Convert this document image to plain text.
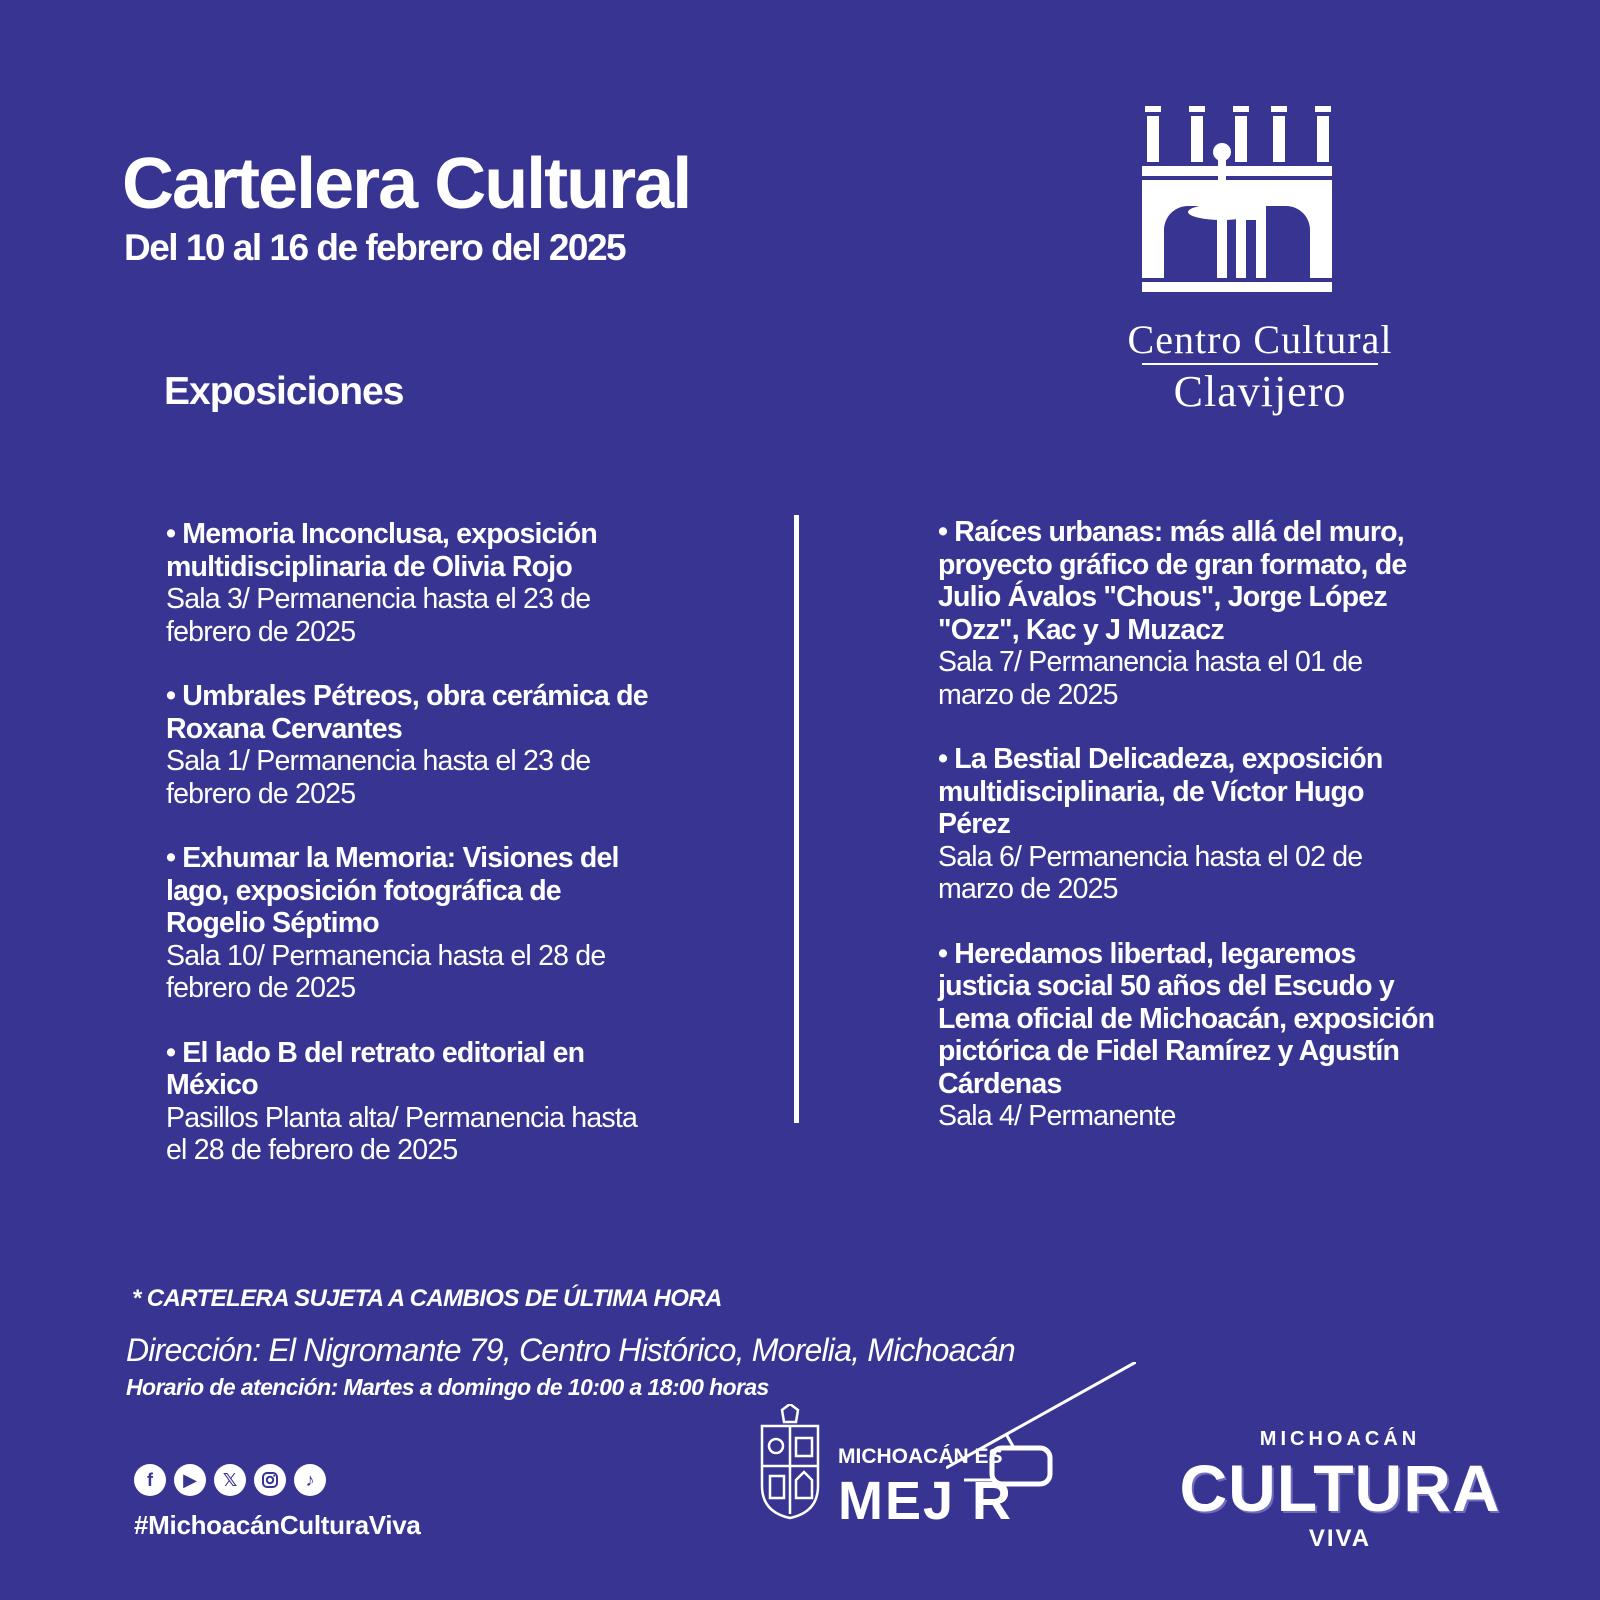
Cartelera Cultural
Del 10 al 16 de febrero del 2025
Exposiciones
Centro Cultural
Clavijero
• Memoria Inconclusa, exposición multidisciplinaria de Olivia Rojo
Sala 3/ Permanencia hasta el 23 de febrero de 2025
• Umbrales Pétreos, obra cerámica de Roxana Cervantes
Sala 1/ Permanencia hasta el 23 de febrero de 2025
• Exhumar la Memoria: Visiones del lago, exposición fotográfica de Rogelio Séptimo
Sala 10/ Permanencia hasta el 28 de febrero de 2025
• El lado B del retrato editorial en México
Pasillos Planta alta/ Permanencia hasta el 28 de febrero de 2025
• Raíces urbanas: más allá del muro, proyecto gráfico de gran formato, de Julio Ávalos "Chous", Jorge López "Ozz", Kac y J Muzacz
Sala 7/ Permanencia hasta el 01 de marzo de 2025
• La Bestial Delicadeza, exposición multidisciplinaria, de Víctor Hugo Pérez
Sala 6/ Permanencia hasta el 02 de marzo de 2025
• Heredamos libertad, legaremos justicia social 50 años del Escudo y Lema oficial de Michoacán, exposición pictórica de Fidel Ramírez y Agustín Cárdenas
Sala 4/ Permanente
* CARTELERA SUJETA A CAMBIOS DE ÚLTIMA HORA
Dirección: El Nigromante 79, Centro Histórico, Morelia, Michoacán
Horario de atención: Martes a domingo de 10:00 a 18:00 horas
f	▶	𝕏	♪
#MichoacánCulturaViva
MICHOACÁN ES
MEJ R
MICHOACÁN
CULTURA
VIVA
